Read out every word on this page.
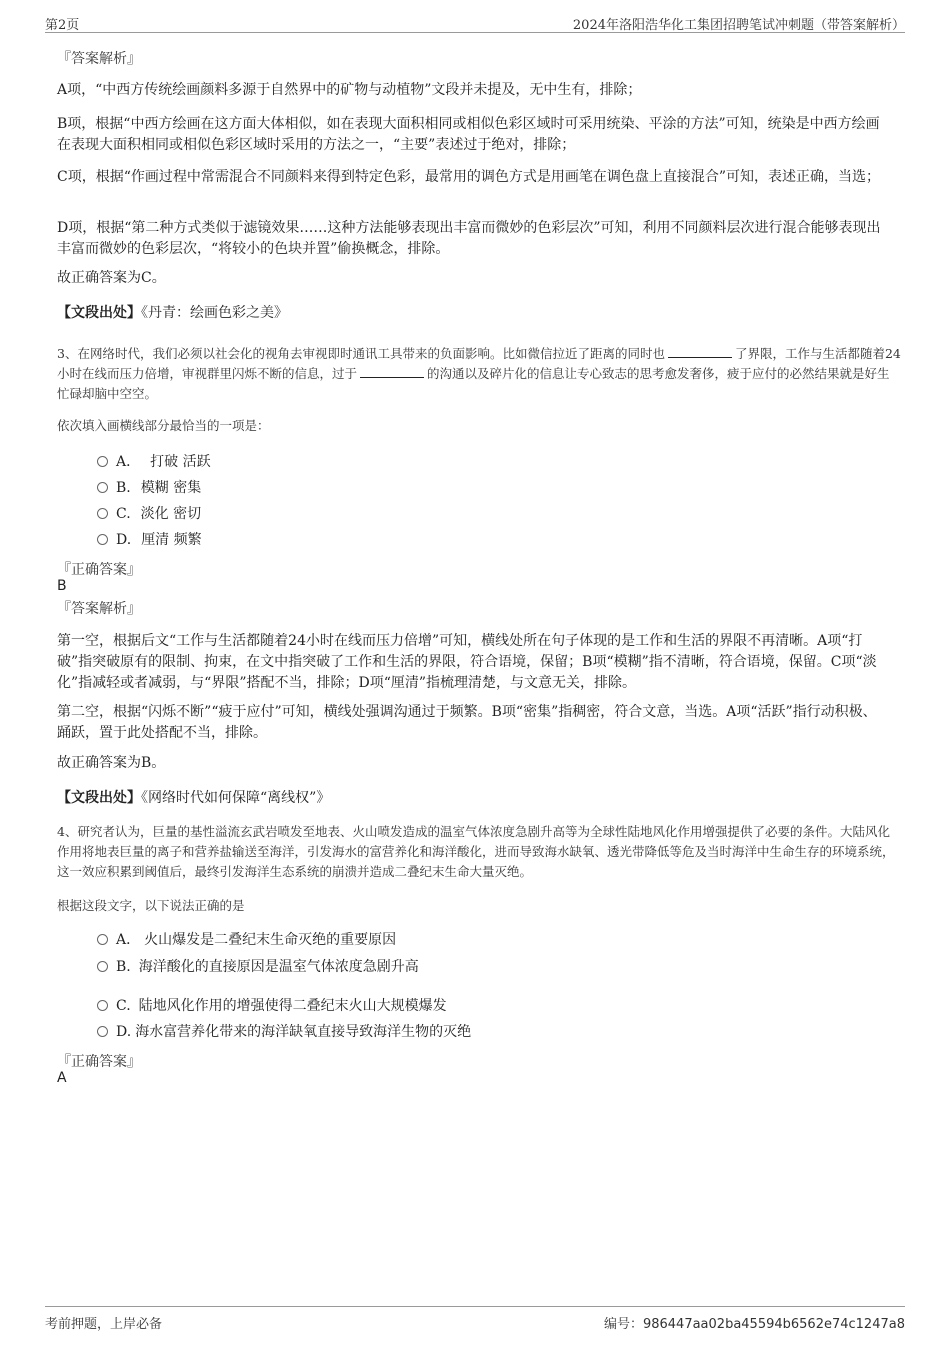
第2页	2024年洛阳浩华化工集团招聘笔试冲刺题（带答案解析）
『答案解析』
A项，“中西方传统绘画颜料多源于自然界中的矿物与动植物”文段并未提及，无中生有，排除；
B项，根据“中西方绘画在这方面大体相似，如在表现大面积相同或相似色彩区域时可采用统染、平涂的方法”可知，统染是中西方绘画在表现大面积相同或相似色彩区域时采用的方法之一，“主要”表述过于绝对，排除；
C项，根据“作画过程中常需混合不同颜料来得到特定色彩，最常用的调色方式是用画笔在调色盘上直接混合”可知，表述正确，当选；
D项，根据“第二种方式类似于滤镜效果……这种方法能够表现出丰富而微妙的色彩层次”可知，利用不同颜料层次进行混合能够表现出丰富而微妙的色彩层次，“将较小的色块并置”偷换概念，排除。
故正确答案为C。
【文段出处】《丹青：绘画色彩之美》
3、在网络时代，我们必须以社会化的视角去审视即时通讯工具带来的负面影响。比如微信拉近了距离的同时也	了界限，工作与生活都随着24小时在线而压力倍增，审视群里闪烁不断的信息，过于	的沟通以及碎片化的信息让专心致志的思考愈发奢侈，疲于应付的必然结果就是好生忙碌却脑中空空。
依次填入画横线部分最恰当的一项是：
A． 打破 活跃
B. 模糊 密集
C. 淡化 密切
D. 厘清 频繁
『正确答案』
B
『答案解析』
第一空，根据后文“工作与生活都随着24小时在线而压力倍增”可知，横线处所在句子体现的是工作和生活的界限不再清晰。A项“打破”指突破原有的限制、拘束，在文中指突破了工作和生活的界限，符合语境，保留；B项“模糊”指不清晰，符合语境，保留。C项“淡化”指减轻或者减弱，与“界限”搭配不当，排除；D项“厘清”指梳理清楚，与文意无关，排除。
第二空，根据“闪烁不断”“疲于应付”可知，横线处强调沟通过于频繁。B项“密集”指稠密，符合文意，当选。A项“活跃”指行动积极、踊跃，置于此处搭配不当，排除。
故正确答案为B。
【文段出处】《网络时代如何保障“离线权”》
4、研究者认为，巨量的基性溢流玄武岩喷发至地表、火山喷发造成的温室气体浓度急剧升高等为全球性陆地风化作用增强提供了必要的条件。大陆风化作用将地表巨量的离子和营养盐输送至海洋，引发海水的富营养化和海洋酸化，进而导致海水缺氧、透光带降低等危及当时海洋中生命生存的环境系统，这一效应积累到阈值后，最终引发海洋生态系统的崩溃并造成二叠纪末生命大量灭绝。
根据这段文字，以下说法正确的是
A． 火山爆发是二叠纪末生命灭绝的重要原因
B. 海洋酸化的直接原因是温室气体浓度急剧升高
C. 陆地风化作用的增强使得二叠纪末火山大规模爆发
D. 海水富营养化带来的海洋缺氧直接导致海洋生物的灭绝
『正确答案』
A
考前押题，上岸必备	编号：986447aa02ba45594b6562e74c1247a8
